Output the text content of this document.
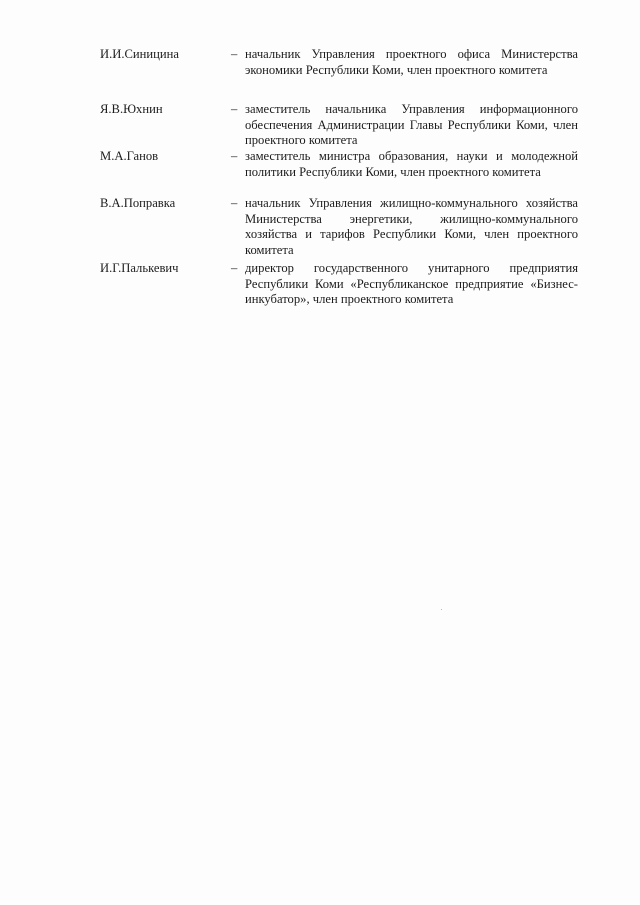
И.И.Синицина	– начальник Управления проектного офиса Министерства экономики Республики Коми, член проектного комитета
Я.В.Юхнин	– заместитель начальника Управления информационного обеспечения Администрации Главы Республики Коми, член проектного комитета
М.А.Ганов	– заместитель министра образования, науки и молодежной политики Республики Коми, член проектного комитета
В.А.Поправка	– начальник Управления жилищно-коммунального хозяйства Министерства энергетики, жилищно-коммунального хозяйства и тарифов Республики Коми, член проектного комитета
И.Г.Палькевич	– директор государственного унитарного предприятия Республики Коми «Республиканское предприятие «Бизнес-инкубатор», член проектного комитета
